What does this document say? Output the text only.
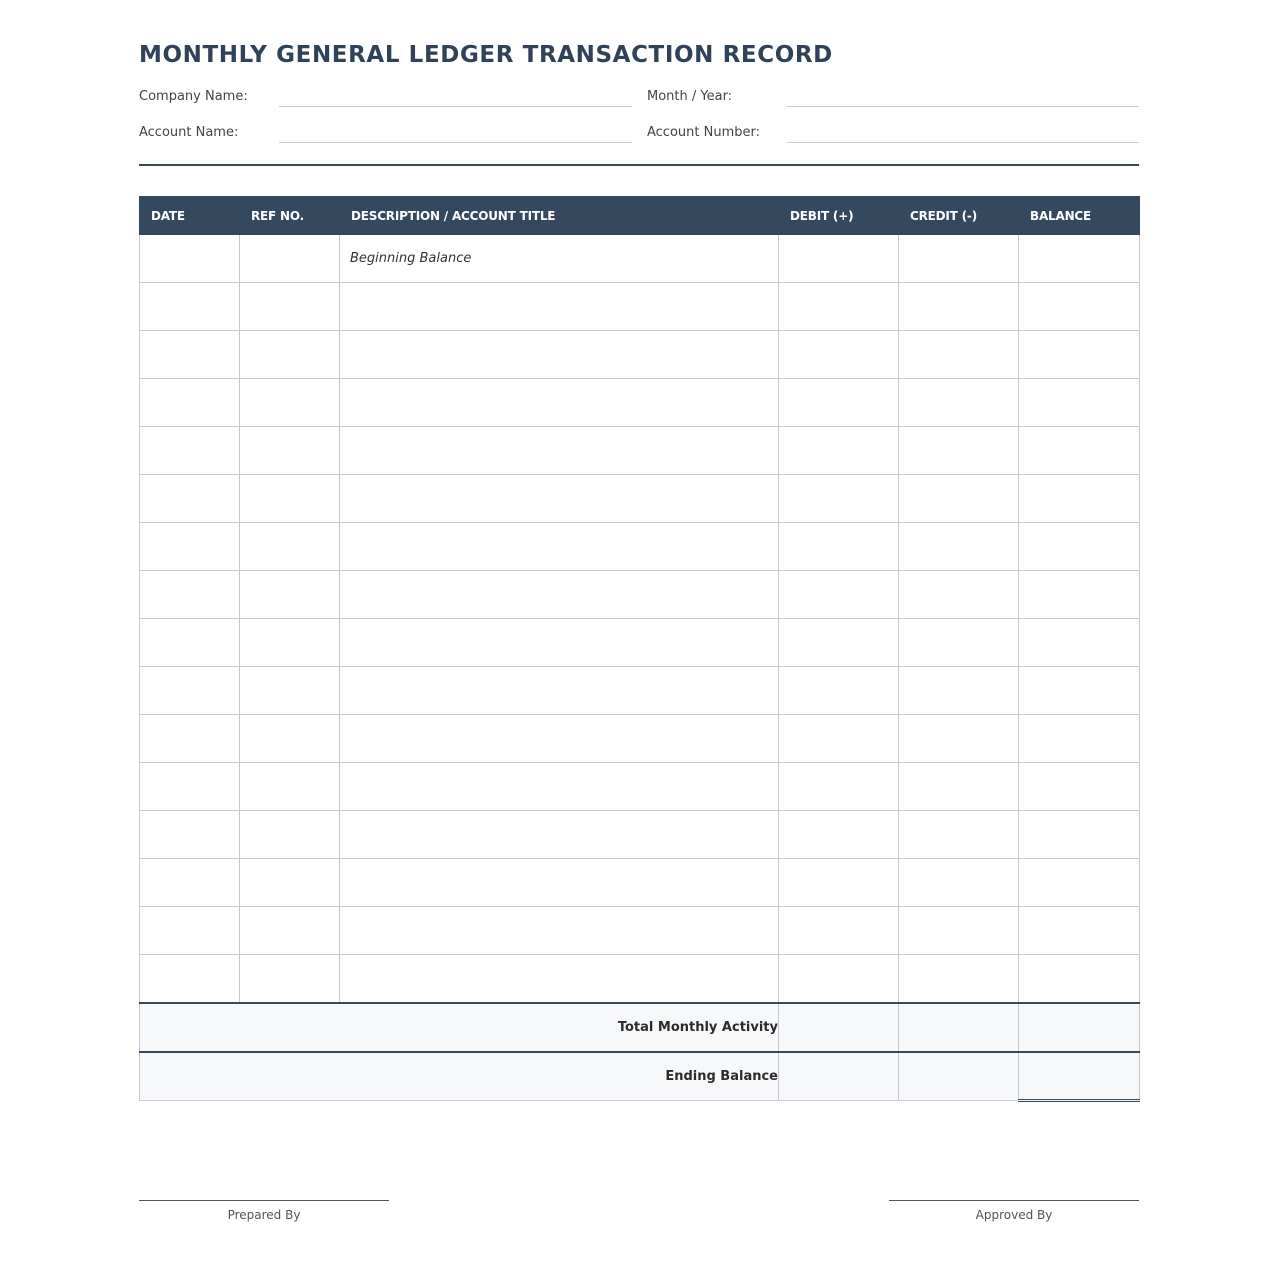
MONTHLY GENERAL LEDGER TRANSACTION RECORD
Company Name:	Month / Year:
Account Name:	Account Number:
DATE	REF NO.	DESCRIPTION / ACCOUNT TITLE	DEBIT (+)	CREDIT (-)	BALANCE
		Beginning Balance			

Total Monthly Activity					
Ending Balance					
Prepared By	Approved By
